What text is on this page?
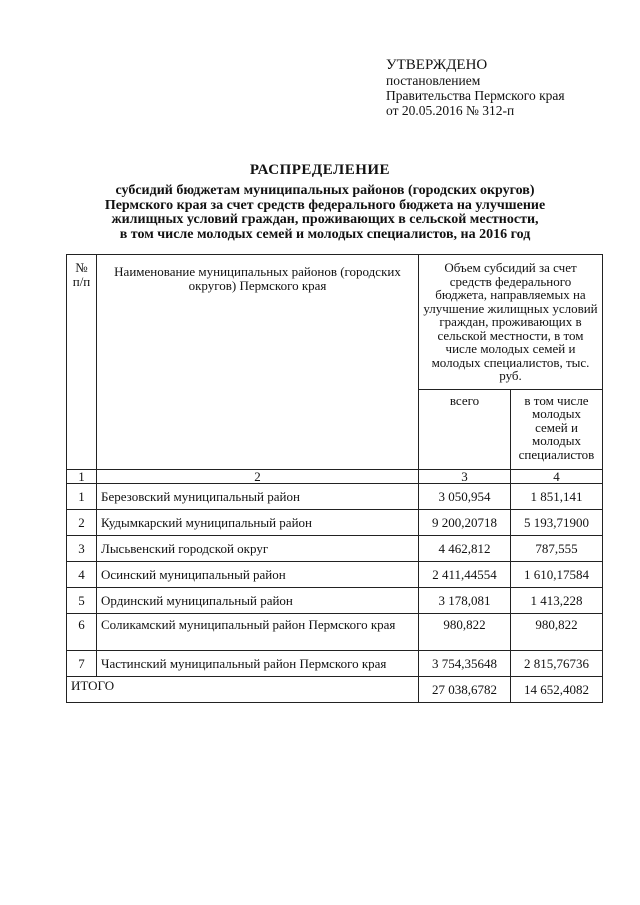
УТВЕРЖДЕНО
постановлением
Правительства Пермского края
от 20.05.2016 № 312-п
РАСПРЕДЕЛЕНИЕ
субсидий бюджетам муниципальных районов (городских округов)
Пермского края за счет средств федерального бюджета на улучшение
жилищных условий граждан, проживающих в сельской местности,
в том числе молодых семей и молодых специалистов, на 2016 год
№ п/п	Наименование муниципальных районов (городских округов) Пермского края	Объем субсидий за счет средств федерального бюджета, направляемых на улучшение жилищных условий граждан, проживающих в сельской местности, в том числе молодых семей и молодых специалистов, тыс. руб.	
		всего	в том числе молодых семей и молодых специалистов
1	2	3	4
1	Березовский муниципальный район	3 050,954	1 851,141
2	Кудымкарский муниципальный район	9 200,20718	5 193,71900
3	Лысьвенский городской округ	4 462,812	787,555
4	Осинский муниципальный район	2 411,44554	1 610,17584
5	Ординский муниципальный район	3 178,081	1 413,228
6	Соликамский муниципальный район Пермского края	980,822	980,822
7	Частинский муниципальный район Пермского края	3 754,35648	2 815,76736
ИТОГО		27 038,6782	14 652,4082
